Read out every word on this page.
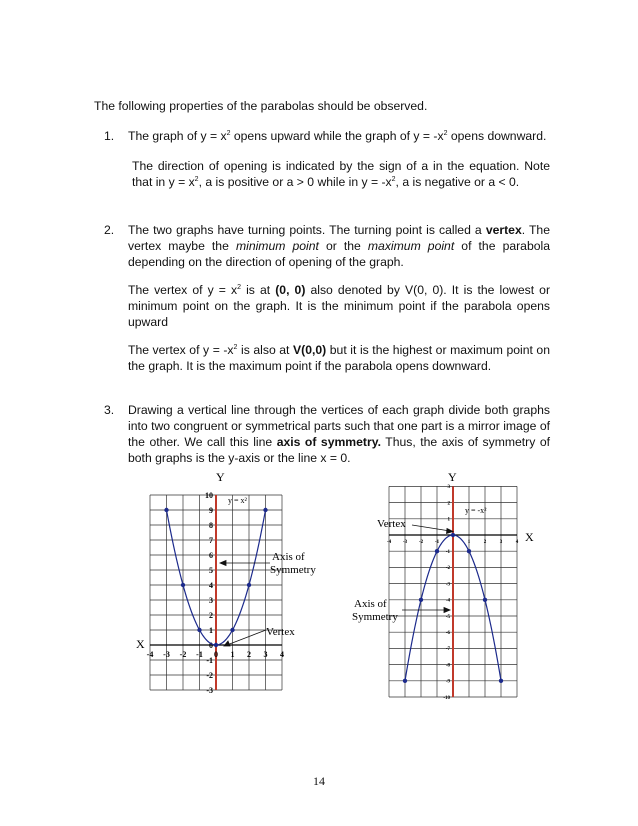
The following properties of the parabolas should be observed.
1.	The graph of $y = x^2$ opens upward while the graph of $y = -x^2$ opens downward.

The direction of opening is indicated by the sign of a in the equation. Note that in $y = x^2$, a is positive or a > 0 while in $y = -x^2$, a is negative or a < 0.

2.	The two graphs have turning points. The turning point is called a vertex. The vertex maybe the minimum point or the maximum point of the parabola depending on the direction of opening of the graph.

The vertex of $y = x^2$ is at (0, 0) also denoted by V(0, 0). It is the lowest or minimum point on the graph. It is the minimum point if the parabola opens upward

The vertex of $y = -x^2$ is also at V(0,0) but it is the highest or maximum point on the graph. It is the maximum point if the parabola opens downward.

3.	Drawing a vertical line through the vertices of each graph divide both graphs into two congruent or symmetrical parts such that one part is a mirror image of the other. We call this line axis of symmetry. Thus, the axis of symmetry of both graphs is the y-axis or the line x = 0.

Y
X
-4 -3 -2 -1 0 1 2 3 4
10
9
8
7
6
5
4
3
2
1
0
-1
-2
-3
y = x²
Axis of
Symmetry
Vertex
Y
X
-4 -3 -2 -1	1	2	3	4
3
2
1
-1
-2
-3
-4
-5
-6
-7
-8
-9
-10
y = -x²
Vertex
Axis of
Symmetry
14
